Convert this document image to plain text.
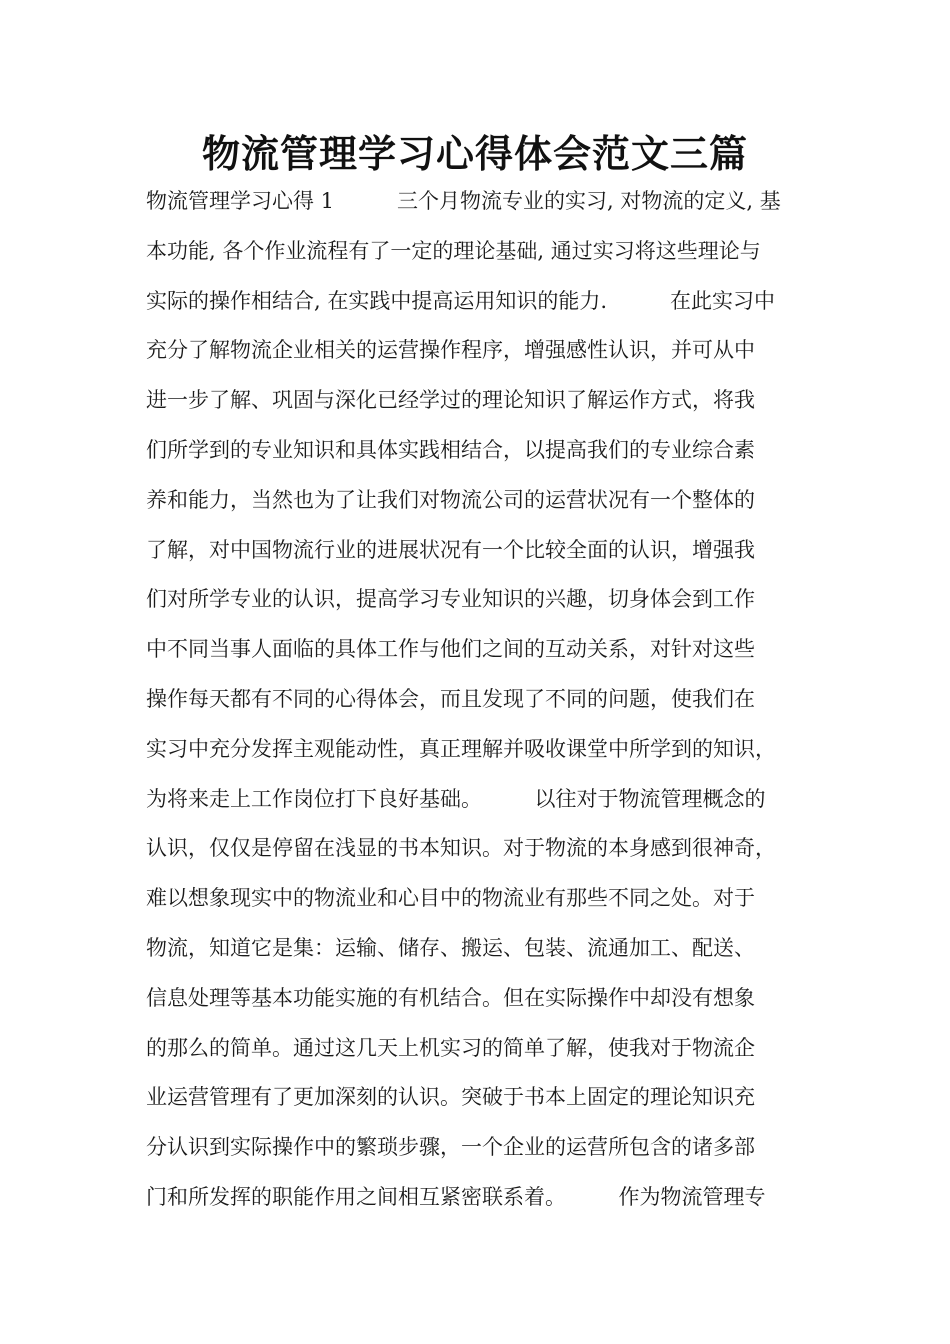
物流管理学习心得体会范文三篇
物流管理学习心得 1　　　三个月物流专业的实习, 对物流的定义, 基
本功能, 各个作业流程有了一定的理论基础, 通过实习将这些理论与
实际的操作相结合, 在实践中提高运用知识的能力.　　　在此实习中
充分了解物流企业相关的运营操作程序，增强感性认识，并可从中
进一步了解、巩固与深化已经学过的理论知识了解运作方式，将我
们所学到的专业知识和具体实践相结合，以提高我们的专业综合素
养和能力，当然也为了让我们对物流公司的运营状况有一个整体的
了解，对中国物流行业的进展状况有一个比较全面的认识，增强我
们对所学专业的认识，提高学习专业知识的兴趣，切身体会到工作
中不同当事人面临的具体工作与他们之间的互动关系，对针对这些
操作每天都有不同的心得体会，而且发现了不同的问题，使我们在
实习中充分发挥主观能动性，真正理解并吸收课堂中所学到的知识，
为将来走上工作岗位打下良好基础。　　　以往对于物流管理概念的
认识，仅仅是停留在浅显的书本知识。对于物流的本身感到很神奇，
难以想象现实中的物流业和心目中的物流业有那些不同之处。对于
物流，知道它是集：运输、储存、搬运、包装、流通加工、配送、
信息处理等基本功能实施的有机结合。但在实际操作中却没有想象
的那么的简单。通过这几天上机实习的简单了解，使我对于物流企
业运营管理有了更加深刻的认识。突破于书本上固定的理论知识充
分认识到实际操作中的繁琐步骤，一个企业的运营所包含的诸多部
门和所发挥的职能作用之间相互紧密联系着。　　　作为物流管理专
